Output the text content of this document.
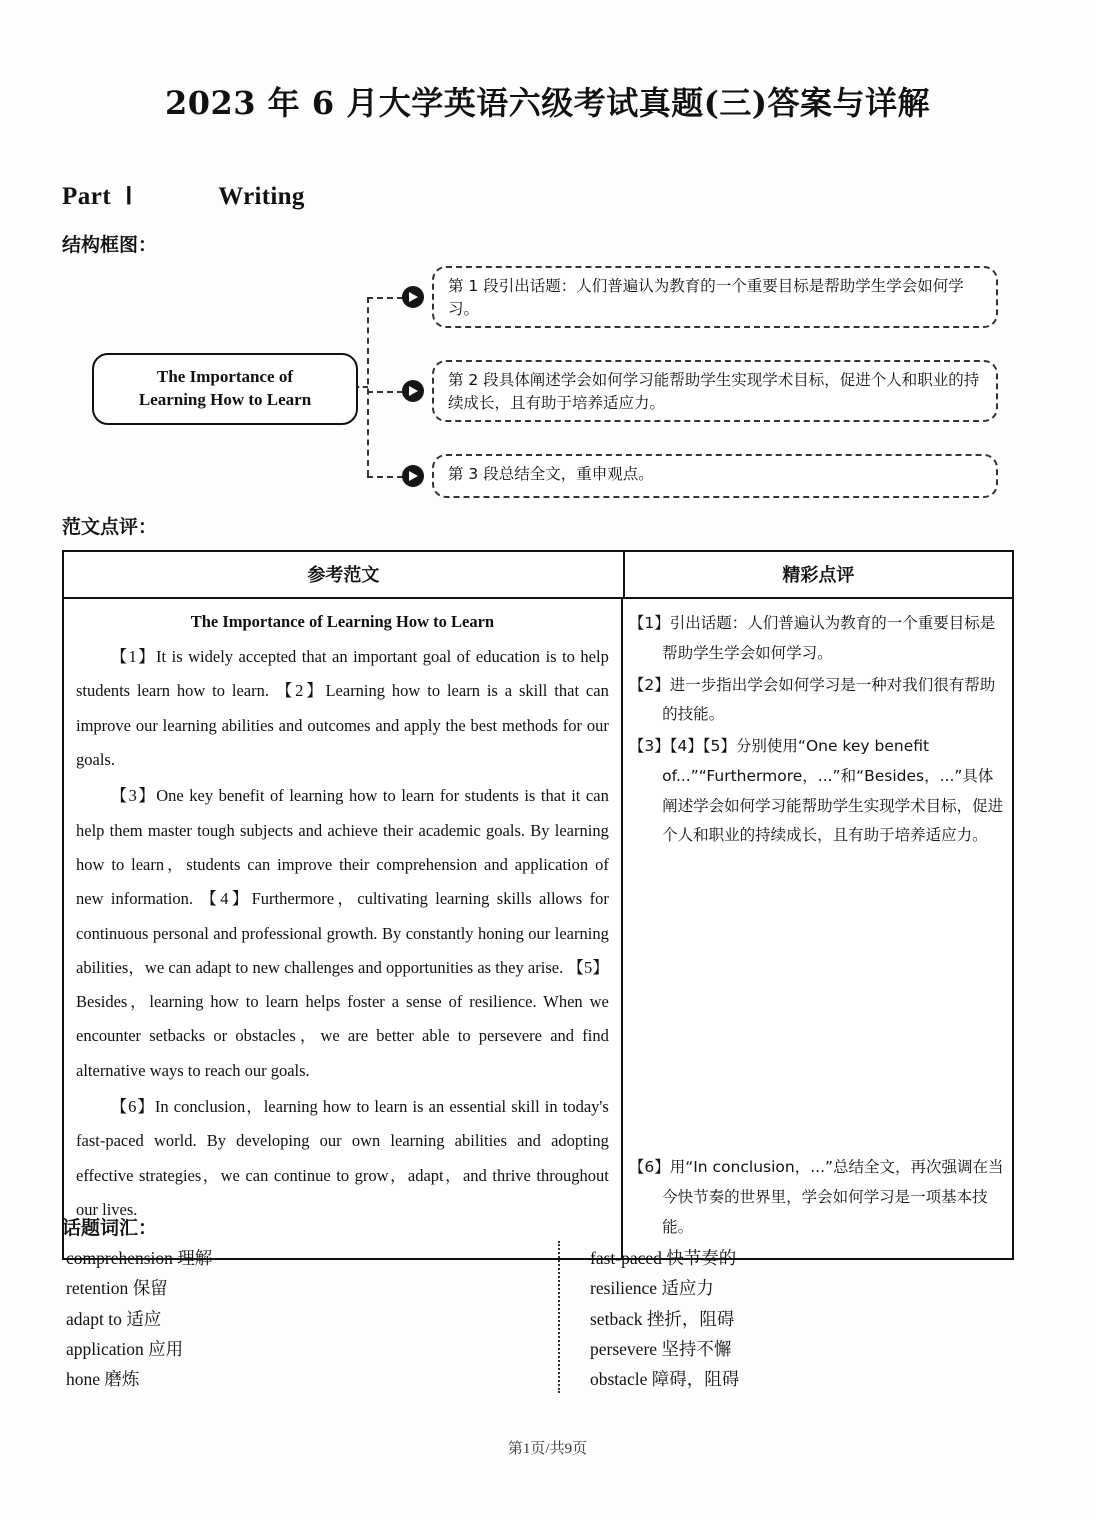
2023 年 6 月大学英语六级考试真题(三)答案与详解
Part Ⅰ	Writing
结构框图：
The Importance of
Learning How to Learn
第 1 段引出话题：人们普遍认为教育的一个重要目标是帮助学生学会如何学习。
第 2 段具体阐述学会如何学习能帮助学生实现学术目标，促进个人和职业的持续成长，且有助于培养适应力。
第 3 段总结全文，重申观点。
范文点评：
参考范文	精彩点评
The Importance of Learning How to Learn

【1】It is widely accepted that an important goal of education is to help students learn how to learn. 【2】Learning how to learn is a skill that can improve our learning abilities and outcomes and apply the best methods for our goals.

【3】One key benefit of learning how to learn for students is that it can help them master tough subjects and achieve their academic goals. By learning how to learn，students can improve their comprehension and application of new information. 【4】Furthermore，cultivating learning skills allows for continuous personal and professional growth. By constantly honing our learning abilities，we can adapt to new challenges and opportunities as they arise. 【5】Besides，learning how to learn helps foster a sense of resilience. When we encounter setbacks or obstacles，we are better able to persevere and find alternative ways to reach our goals.

【6】In conclusion，learning how to learn is an essential skill in today's fast-paced world. By developing our own learning abilities and adopting effective strategies，we can continue to grow，adapt，and thrive throughout our lives.

【1】引出话题：人们普遍认为教育的一个重要目标是帮助学生学会如何学习。

【2】进一步指出学会如何学习是一种对我们很有帮助的技能。

【3】【4】【5】分别使用“One key benefit of...”“Furthermore，...”和“Besides，...”具体阐述学会如何学习能帮助学生实现学术目标，促进个人和职业的持续成长，且有助于培养适应力。

【6】用“In conclusion，...”总结全文，再次强调在当今快节奏的世界里，学会如何学习是一项基本技能。

话题词汇：
comprehension 理解
retention 保留
adapt to 适应
application 应用
hone 磨炼
fast-paced 快节奏的
resilience 适应力
setback 挫折，阻碍
persevere 坚持不懈
obstacle 障碍，阻碍
第1页/共9页
